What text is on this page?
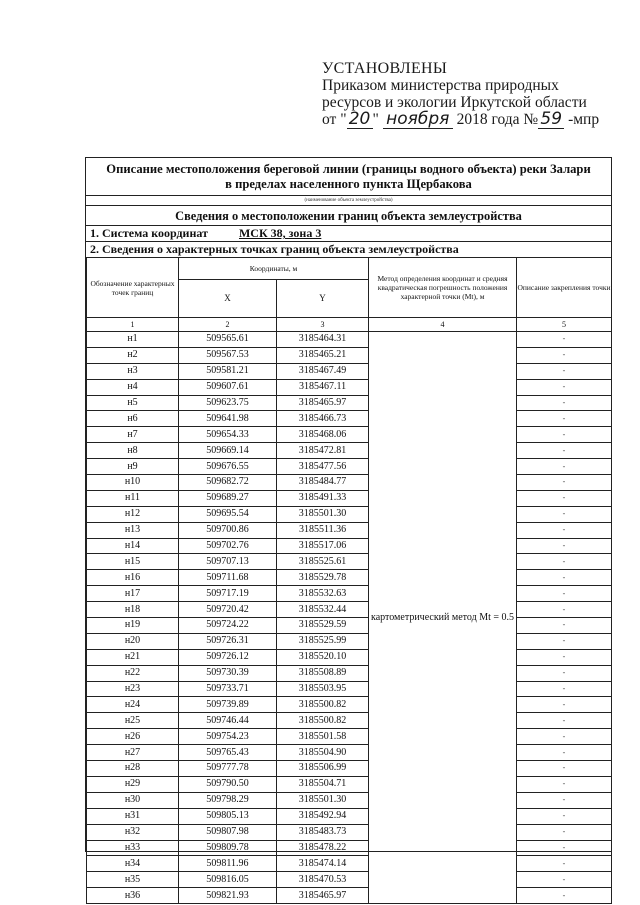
УСТАНОВЛЕНЫ
Приказом министерства природных
ресурсов и экологии Иркутской области
от " 20 " ноября 2018 года № 59 -мпр
Описание местоположения береговой линии (границы водного объекта) реки Залари
в пределах населенного пункта Щербакова
(наименование объекта землеустройства)
Сведения о местоположении границ объекта землеустройства
1. Система координат	МСК 38, зона 3
2. Сведения о характерных точках границ объекта землеустройства
Обозначение характерных точек границ	Координаты, м		Метод определения координат и средняя квадратическая погрешность положения характерной точки (Mt), м	Описание закрепления точки
	X	Y		
1	2	3	4	5
н1	509565.61	3185464.31	картометрический метод Mt = 0.5	-
н2	509567.53	3185465.21		-
н3	509581.21	3185467.49		-
н4	509607.61	3185467.11		-
н5	509623.75	3185465.97		-
н6	509641.98	3185466.73		-
н7	509654.33	3185468.06		-
н8	509669.14	3185472.81		-
н9	509676.55	3185477.56		-
н10	509682.72	3185484.77		-
н11	509689.27	3185491.33		-
н12	509695.54	3185501.30		-
н13	509700.86	3185511.36		-
н14	509702.76	3185517.06		-
н15	509707.13	3185525.61		-
н16	509711.68	3185529.78		-
н17	509717.19	3185532.63		-
н18	509720.42	3185532.44		-
н19	509724.22	3185529.59		-
н20	509726.31	3185525.99		-
н21	509726.12	3185520.10		-
н22	509730.39	3185508.89		-
н23	509733.71	3185503.95		-
н24	509739.89	3185500.82		-
н25	509746.44	3185500.82		-
н26	509754.23	3185501.58		-
н27	509765.43	3185504.90		-
н28	509777.78	3185506.99		-
н29	509790.50	3185504.71		-
н30	509798.29	3185501.30		-
н31	509805.13	3185492.94		-
н32	509807.98	3185483.73		-
н33	509809.78	3185478.22		-
н34	509811.96	3185474.14		-
н35	509816.05	3185470.53		-
н36	509821.93	3185465.97		-
